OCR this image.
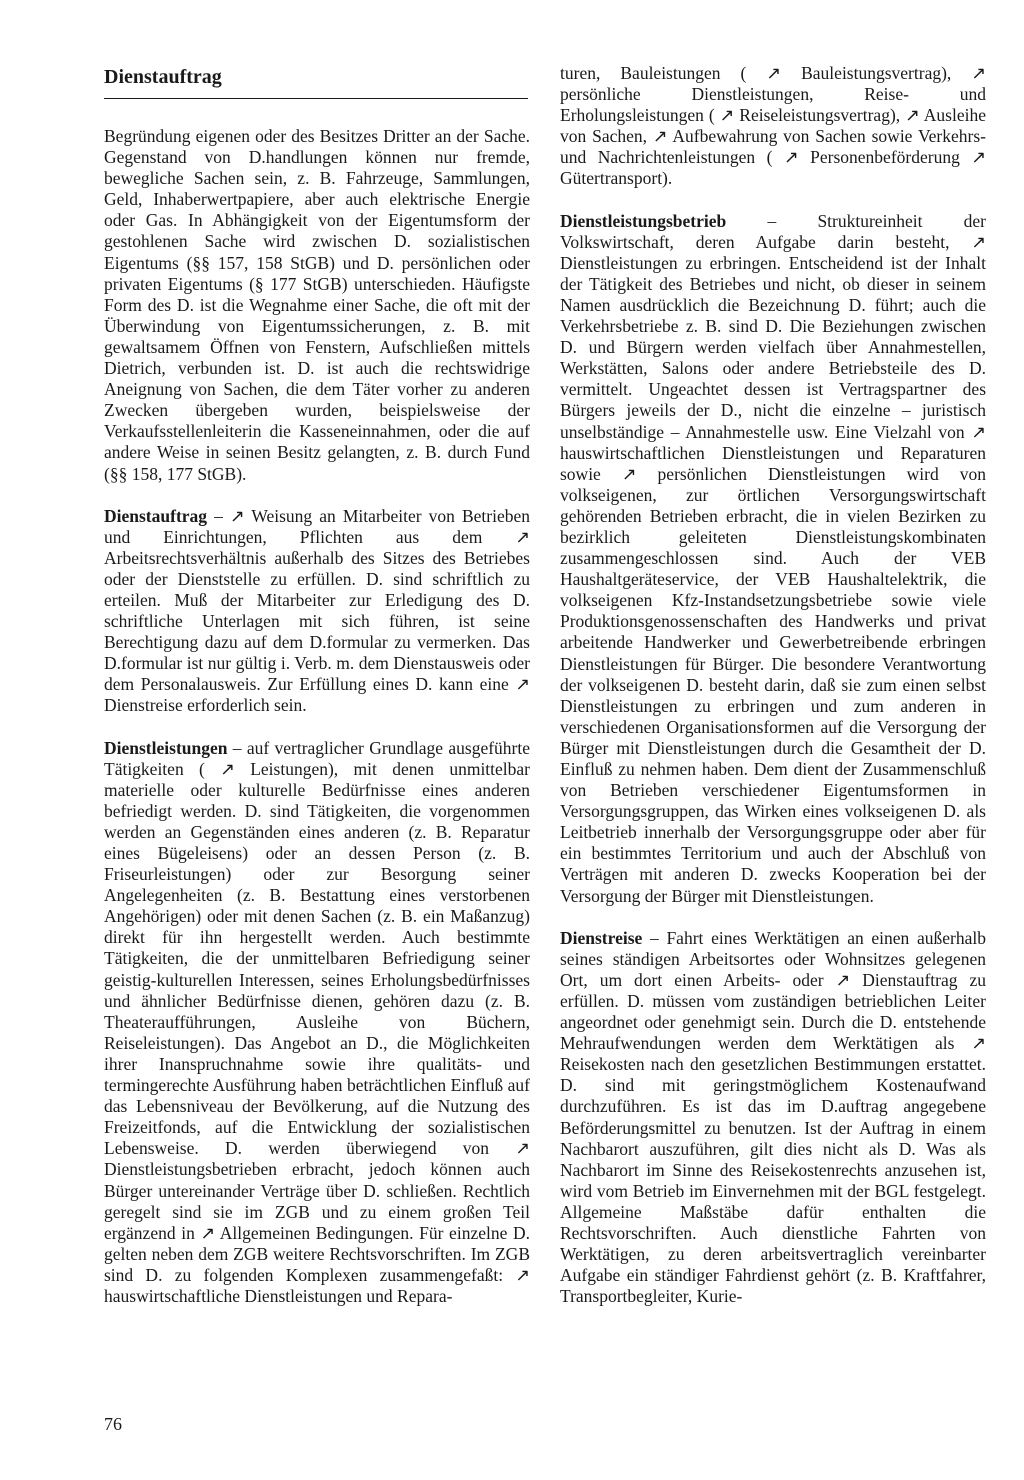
Dienstauftrag

Begründung eigenen oder des Besitzes Dritter an der Sache. Gegenstand von D.handlungen können nur fremde, bewegliche Sachen sein, z. B. Fahrzeuge, Sammlungen, Geld, Inhaberwertpapiere, aber auch elektrische Energie oder Gas. In Abhängigkeit von der Eigentumsform der gestohlenen Sache wird zwischen D. sozialistischen Eigentums (§§ 157, 158 StGB) und D. persönlichen oder privaten Eigentums (§ 177 StGB) unterschieden. Häufigste Form des D. ist die Wegnahme einer Sache, die oft mit der Überwindung von Eigentumssicherungen, z. B. mit gewaltsamem Öffnen von Fenstern, Aufschließen mittels Dietrich, verbunden ist. D. ist auch die rechtswidrige Aneignung von Sachen, die dem Täter vorher zu anderen Zwecken übergeben wurden, beispielsweise der Verkaufsstellenleiterin die Kasseneinnahmen, oder die auf andere Weise in seinen Besitz gelangten, z. B. durch Fund (§§ 158, 177 StGB).

Dienstauftrag – ↗ Weisung an Mitarbeiter von Betrieben und Einrichtungen, Pflichten aus dem ↗ Arbeitsrechtsverhältnis außerhalb des Sitzes des Betriebes oder der Dienststelle zu erfüllen. D. sind schriftlich zu erteilen. Muß der Mitarbeiter zur Erledigung des D. schriftliche Unterlagen mit sich führen, ist seine Berechtigung dazu auf dem D.formular zu vermerken. Das D.formular ist nur gültig i. Verb. m. dem Dienstausweis oder dem Personalausweis. Zur Erfüllung eines D. kann eine ↗ Dienstreise erforderlich sein.

Dienstleistungen – auf vertraglicher Grundlage ausgeführte Tätigkeiten ( ↗ Leistungen), mit denen unmittelbar materielle oder kulturelle Bedürfnisse eines anderen befriedigt werden. D. sind Tätigkeiten, die vorgenommen werden an Gegenständen eines anderen (z. B. Reparatur eines Bügeleisens) oder an dessen Person (z. B. Friseurleistungen) oder zur Besorgung seiner Angelegenheiten (z. B. Bestattung eines verstorbenen Angehörigen) oder mit denen Sachen (z. B. ein Maßanzug) direkt für ihn hergestellt werden. Auch bestimmte Tätigkeiten, die der unmittelbaren Befriedigung seiner geistig-kulturellen Interessen, seines Erholungsbedürfnisses und ähnlicher Bedürfnisse dienen, gehören dazu (z. B. Theateraufführungen, Ausleihe von Büchern, Reiseleistungen). Das Angebot an D., die Möglichkeiten ihrer Inanspruchnahme sowie ihre qualitäts- und termingerechte Ausführung haben beträchtlichen Einfluß auf das Lebensniveau der Bevölkerung, auf die Nutzung des Freizeitfonds, auf die Entwicklung der sozialistischen Lebensweise. D. werden überwiegend von ↗ Dienstleistungsbetrieben erbracht, jedoch können auch Bürger untereinander Verträge über D. schließen. Rechtlich geregelt sind sie im ZGB und zu einem großen Teil ergänzend in ↗ Allgemeinen Bedingungen. Für einzelne D. gelten neben dem ZGB weitere Rechtsvorschriften. Im ZGB sind D. zu folgenden Komplexen zusammengefaßt: ↗ hauswirtschaftliche Dienstleistungen und Repara-

turen, Bauleistungen ( ↗ Bauleistungsvertrag), ↗ persönliche Dienstleistungen, Reise- und Erholungsleistungen ( ↗ Reiseleistungsvertrag), ↗ Ausleihe von Sachen, ↗ Aufbewahrung von Sachen sowie Verkehrs- und Nachrichtenleistungen ( ↗ Personenbeförderung ↗ Gütertransport).

Dienstleistungsbetrieb – Struktureinheit der Volkswirtschaft, deren Aufgabe darin besteht, ↗ Dienstleistungen zu erbringen. Entscheidend ist der Inhalt der Tätigkeit des Betriebes und nicht, ob dieser in seinem Namen ausdrücklich die Bezeichnung D. führt; auch die Verkehrsbetriebe z. B. sind D. Die Beziehungen zwischen D. und Bürgern werden vielfach über Annahmestellen, Werkstätten, Salons oder andere Betriebsteile des D. vermittelt. Ungeachtet dessen ist Vertragspartner des Bürgers jeweils der D., nicht die einzelne – juristisch unselbständige – Annahmestelle usw. Eine Vielzahl von ↗ hauswirtschaftlichen Dienstleistungen und Reparaturen sowie ↗ persönlichen Dienstleistungen wird von volkseigenen, zur örtlichen Versorgungswirtschaft gehörenden Betrieben erbracht, die in vielen Bezirken zu bezirklich geleiteten Dienstleistungskombinaten zusammengeschlossen sind. Auch der VEB Haushaltgeräteservice, der VEB Haushaltelektrik, die volkseigenen Kfz-Instandsetzungsbetriebe sowie viele Produktionsgenossenschaften des Handwerks und privat arbeitende Handwerker und Gewerbetreibende erbringen Dienstleistungen für Bürger. Die besondere Verantwortung der volkseigenen D. besteht darin, daß sie zum einen selbst Dienstleistungen zu erbringen und zum anderen in verschiedenen Organisationsformen auf die Versorgung der Bürger mit Dienstleistungen durch die Gesamtheit der D. Einfluß zu nehmen haben. Dem dient der Zusammenschluß von Betrieben verschiedener Eigentumsformen in Versorgungsgruppen, das Wirken eines volkseigenen D. als Leitbetrieb innerhalb der Versorgungsgruppe oder aber für ein bestimmtes Territorium und auch der Abschluß von Verträgen mit anderen D. zwecks Kooperation bei der Versorgung der Bürger mit Dienstleistungen.

Dienstreise – Fahrt eines Werktätigen an einen außerhalb seines ständigen Arbeitsortes oder Wohnsitzes gelegenen Ort, um dort einen Arbeits- oder ↗ Dienstauftrag zu erfüllen. D. müssen vom zuständigen betrieblichen Leiter angeordnet oder genehmigt sein. Durch die D. entstehende Mehraufwendungen werden dem Werktätigen als ↗ Reisekosten nach den gesetzlichen Bestimmungen erstattet. D. sind mit geringstmöglichem Kostenaufwand durchzuführen. Es ist das im D.auftrag angegebene Beförderungsmittel zu benutzen. Ist der Auftrag in einem Nachbarort auszuführen, gilt dies nicht als D. Was als Nachbarort im Sinne des Reisekostenrechts anzusehen ist, wird vom Betrieb im Einvernehmen mit der BGL festgelegt. Allgemeine Maßstäbe dafür enthalten die Rechtsvorschriften. Auch dienstliche Fahrten von Werktätigen, zu deren arbeitsvertraglich vereinbarter Aufgabe ein ständiger Fahrdienst gehört (z. B. Kraftfahrer, Transportbegleiter, Kurie-

76
